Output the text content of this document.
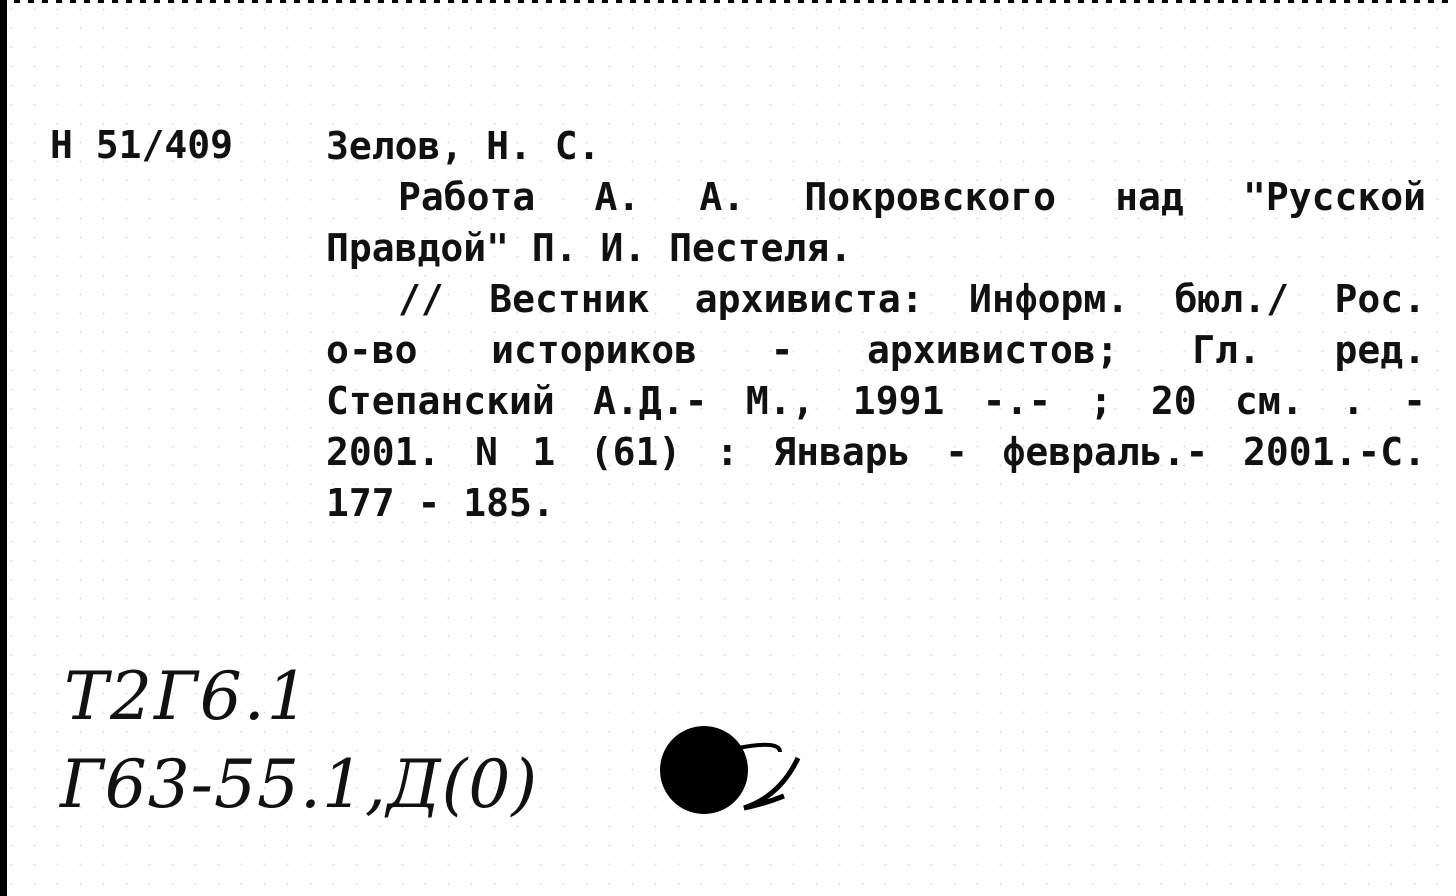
Н 51/409 Зелов, Н. С.
Работа А. А. Покровского над "Русской
Правдой" П. И. Пестеля.
// Вестник архивиста: Информ. бюл./ Рос.
о-во историков - архивистов; Гл. ред.
Степанский А.Д.- М., 1991 -.- ; 20 см. . -
2001. N 1 (61) : Январь - февраль.- 2001.-С.
177 - 185.
Т2Г6.1
Г63-55.1,Д(0)
